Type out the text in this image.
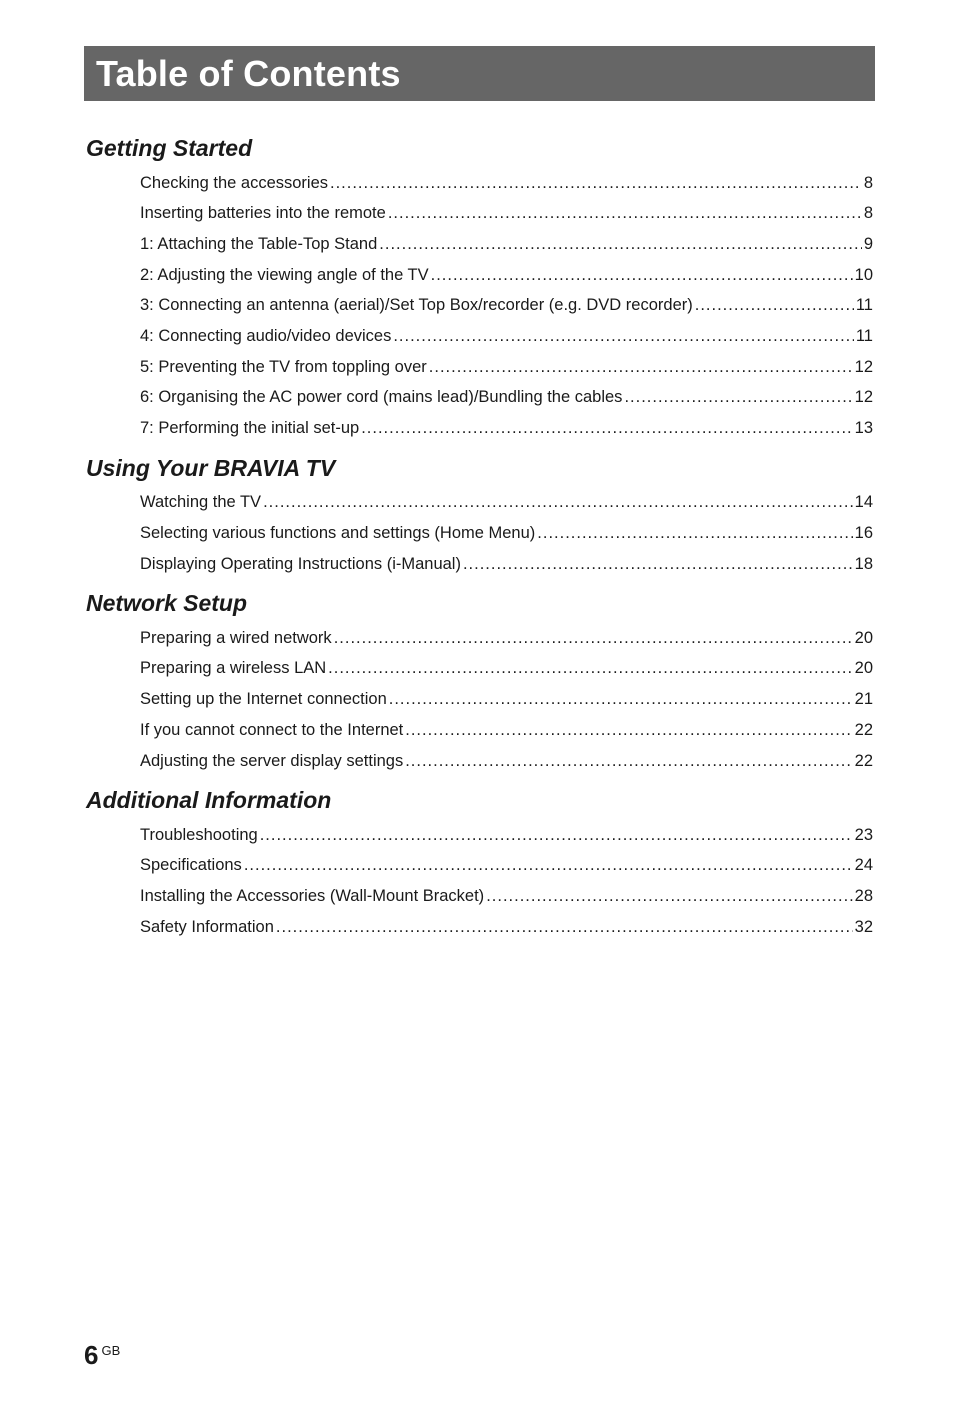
Table of Contents
Getting Started
Checking the accessories .....	8
Inserting batteries into the remote .....	8
1: Attaching the Table-Top Stand .....	9
2: Adjusting the viewing angle of the TV .....	10
3: Connecting an antenna (aerial)/Set Top Box/recorder (e.g. DVD recorder) .....	11
4: Connecting audio/video devices .....	11
5: Preventing the TV from toppling over .....	12
6: Organising the AC power cord (mains lead)/Bundling the cables .....	12
7: Performing the initial set-up .....	13
Using Your BRAVIA TV
Watching the TV .....	14
Selecting various functions and settings (Home Menu) .....	16
Displaying Operating Instructions (i-Manual) .....	18
Network Setup
Preparing a wired network .....	20
Preparing a wireless LAN .....	20
Setting up the Internet connection .....	21
If you cannot connect to the Internet .....	22
Adjusting the server display settings .....	22
Additional Information
Troubleshooting .....	23
Specifications .....	24
Installing the Accessories (Wall-Mount Bracket) .....	28
Safety Information .....	32
6 $^{GB}$
